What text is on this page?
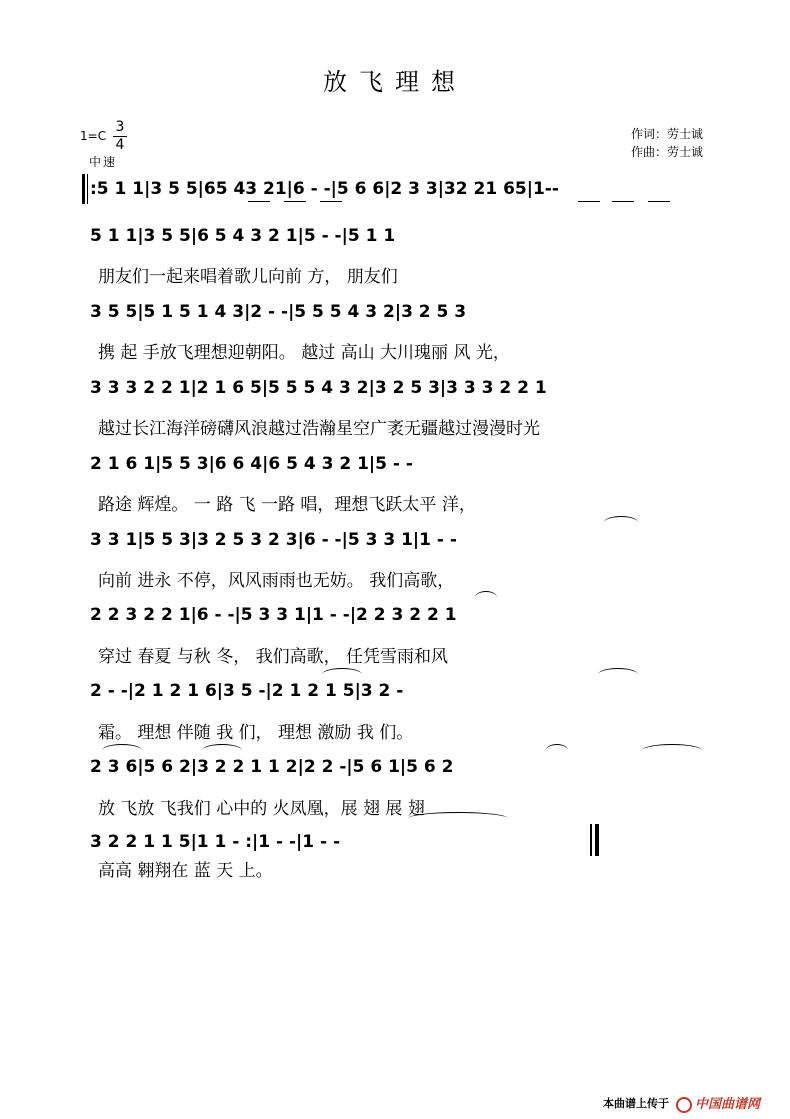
放飞理想
1=C
3
4
中速
作词：劳士诚
作曲：劳士诚
:5 1 1|3 5 5|65 43 21|6 - -|5 6 6|2 3 3|32 21 65|1--
5 1 1|3 5 5|6 5 4 3 2 1|5 - -|5 1 1
朋友们一起来唱着歌儿向前 方， 朋友们
3 5 5|5 1 5 1 4 3|2 - -|5 5 5 4 3 2|3 2 5 3
携 起 手放飞理想迎朝阳。 越过 高山 大川瑰丽 风 光，
3 3 3 2 2 1|2 1 6 5|5 5 5 4 3 2|3 2 5 3|3 3 3 2 2 1
越过长江海洋磅礴风浪越过浩瀚星空广袤无疆越过漫漫时光
2 1 6 1|5 5 3|6 6 4|6 5 4 3 2 1|5 - -
路途 辉煌。 一 路 飞 一路 唱，理想飞跃太平 洋，
3 3 1|5 5 3|3 2 5 3 2 3|6 - -|5 3 3 1|1 - -
向前 进永 不停，风风雨雨也无妨。 我们高歌，
2 2 3 2 2 1|6 - -|5 3 3 1|1 - -|2 2 3 2 2 1
穿过 春夏 与秋 冬， 我们高歌， 任凭雪雨和风
2 - -|2 1 2 1 6|3 5 -|2 1 2 1 5|3 2 -
霜。 理想 伴随 我 们， 理想 激励 我 们。
2 3 6|5 6 2|3 2 2 1 1 2|2 2 -|5 6 1|5 6 2
放 飞放 飞我们 心中的 火凤凰，展 翅 展 翅
3 2 2 1 1 5|1 1 - :|1 - -|1 - -
高高 翱翔在 蓝 天 上。
本曲谱上传于	中国曲谱网
